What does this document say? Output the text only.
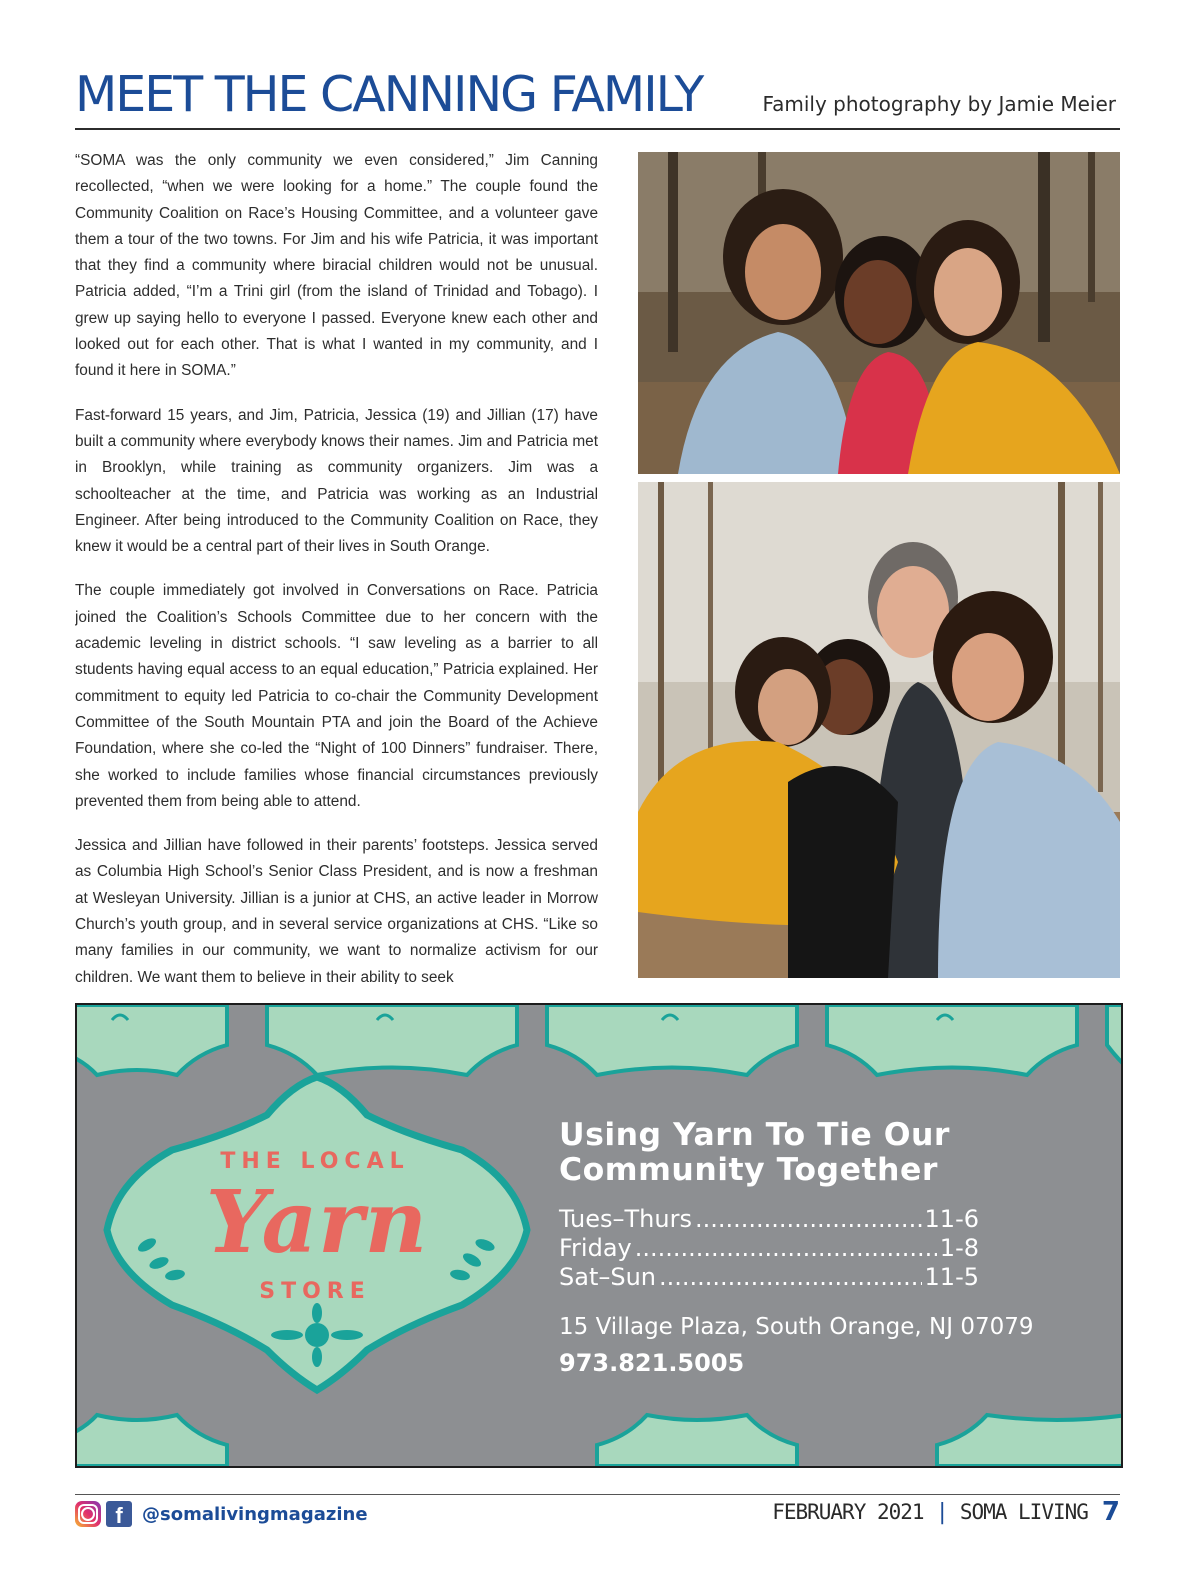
MEET THE CANNING FAMILY	Family photography by Jamie Meier

“SOMA was the only community we even considered,” Jim Canning recollected, “when we were looking for a home.” The couple found the Community Coalition on Race’s Housing Committee, and a volunteer gave them a tour of the two towns. For Jim and his wife Patricia, it was important that they find a community where biracial children would not be unusual. Patricia added, “I’m a Trini girl (from the island of Trinidad and Tobago). I grew up saying hello to everyone I passed. Everyone knew each other and looked out for each other. That is what I wanted in my community, and I found it here in SOMA.”

Fast-forward 15 years, and Jim, Patricia, Jessica (19) and Jillian (17) have built a community where everybody knows their names. Jim and Patricia met in Brooklyn, while training as community organizers. Jim was a schoolteacher at the time, and Patricia was working as an Industrial Engineer. After being introduced to the Community Coalition on Race, they knew it would be a central part of their lives in South Orange.

The couple immediately got involved in Conversations on Race. Patricia joined the Coalition’s Schools Committee due to her concern with the academic leveling in district schools. “I saw leveling as a barrier to all students having equal access to an equal education,” Patricia explained. Her commitment to equity led Patricia to co-chair the Community Development Committee of the South Mountain PTA and join the Board of the Achieve Foundation, where she co-led the “Night of 100 Dinners” fundraiser. There, she worked to include families whose financial circumstances previously prevented them from being able to attend.

Jessica and Jillian have followed in their parents’ footsteps. Jessica served as Columbia High School’s Senior Class President, and is now a freshman at Wesleyan University. Jillian is a junior at CHS, an active leader in Morrow Church’s youth group, and in several service organizations at CHS. “Like so many families in our community, we want to normalize activism for our children. We want them to believe in their ability to seek

THE LOCAL
Yarn
STORE
Using Yarn To Tie Our
Community Together
Tues–Thurs .....	11-6
Friday .....	1-8
Sat–Sun .....	11-5
15 Village Plaza, South Orange, NJ 07079
973.821.5005
f	@somalivingmagazine	FEBRUARY 2021 | SOMA LIVING 7
